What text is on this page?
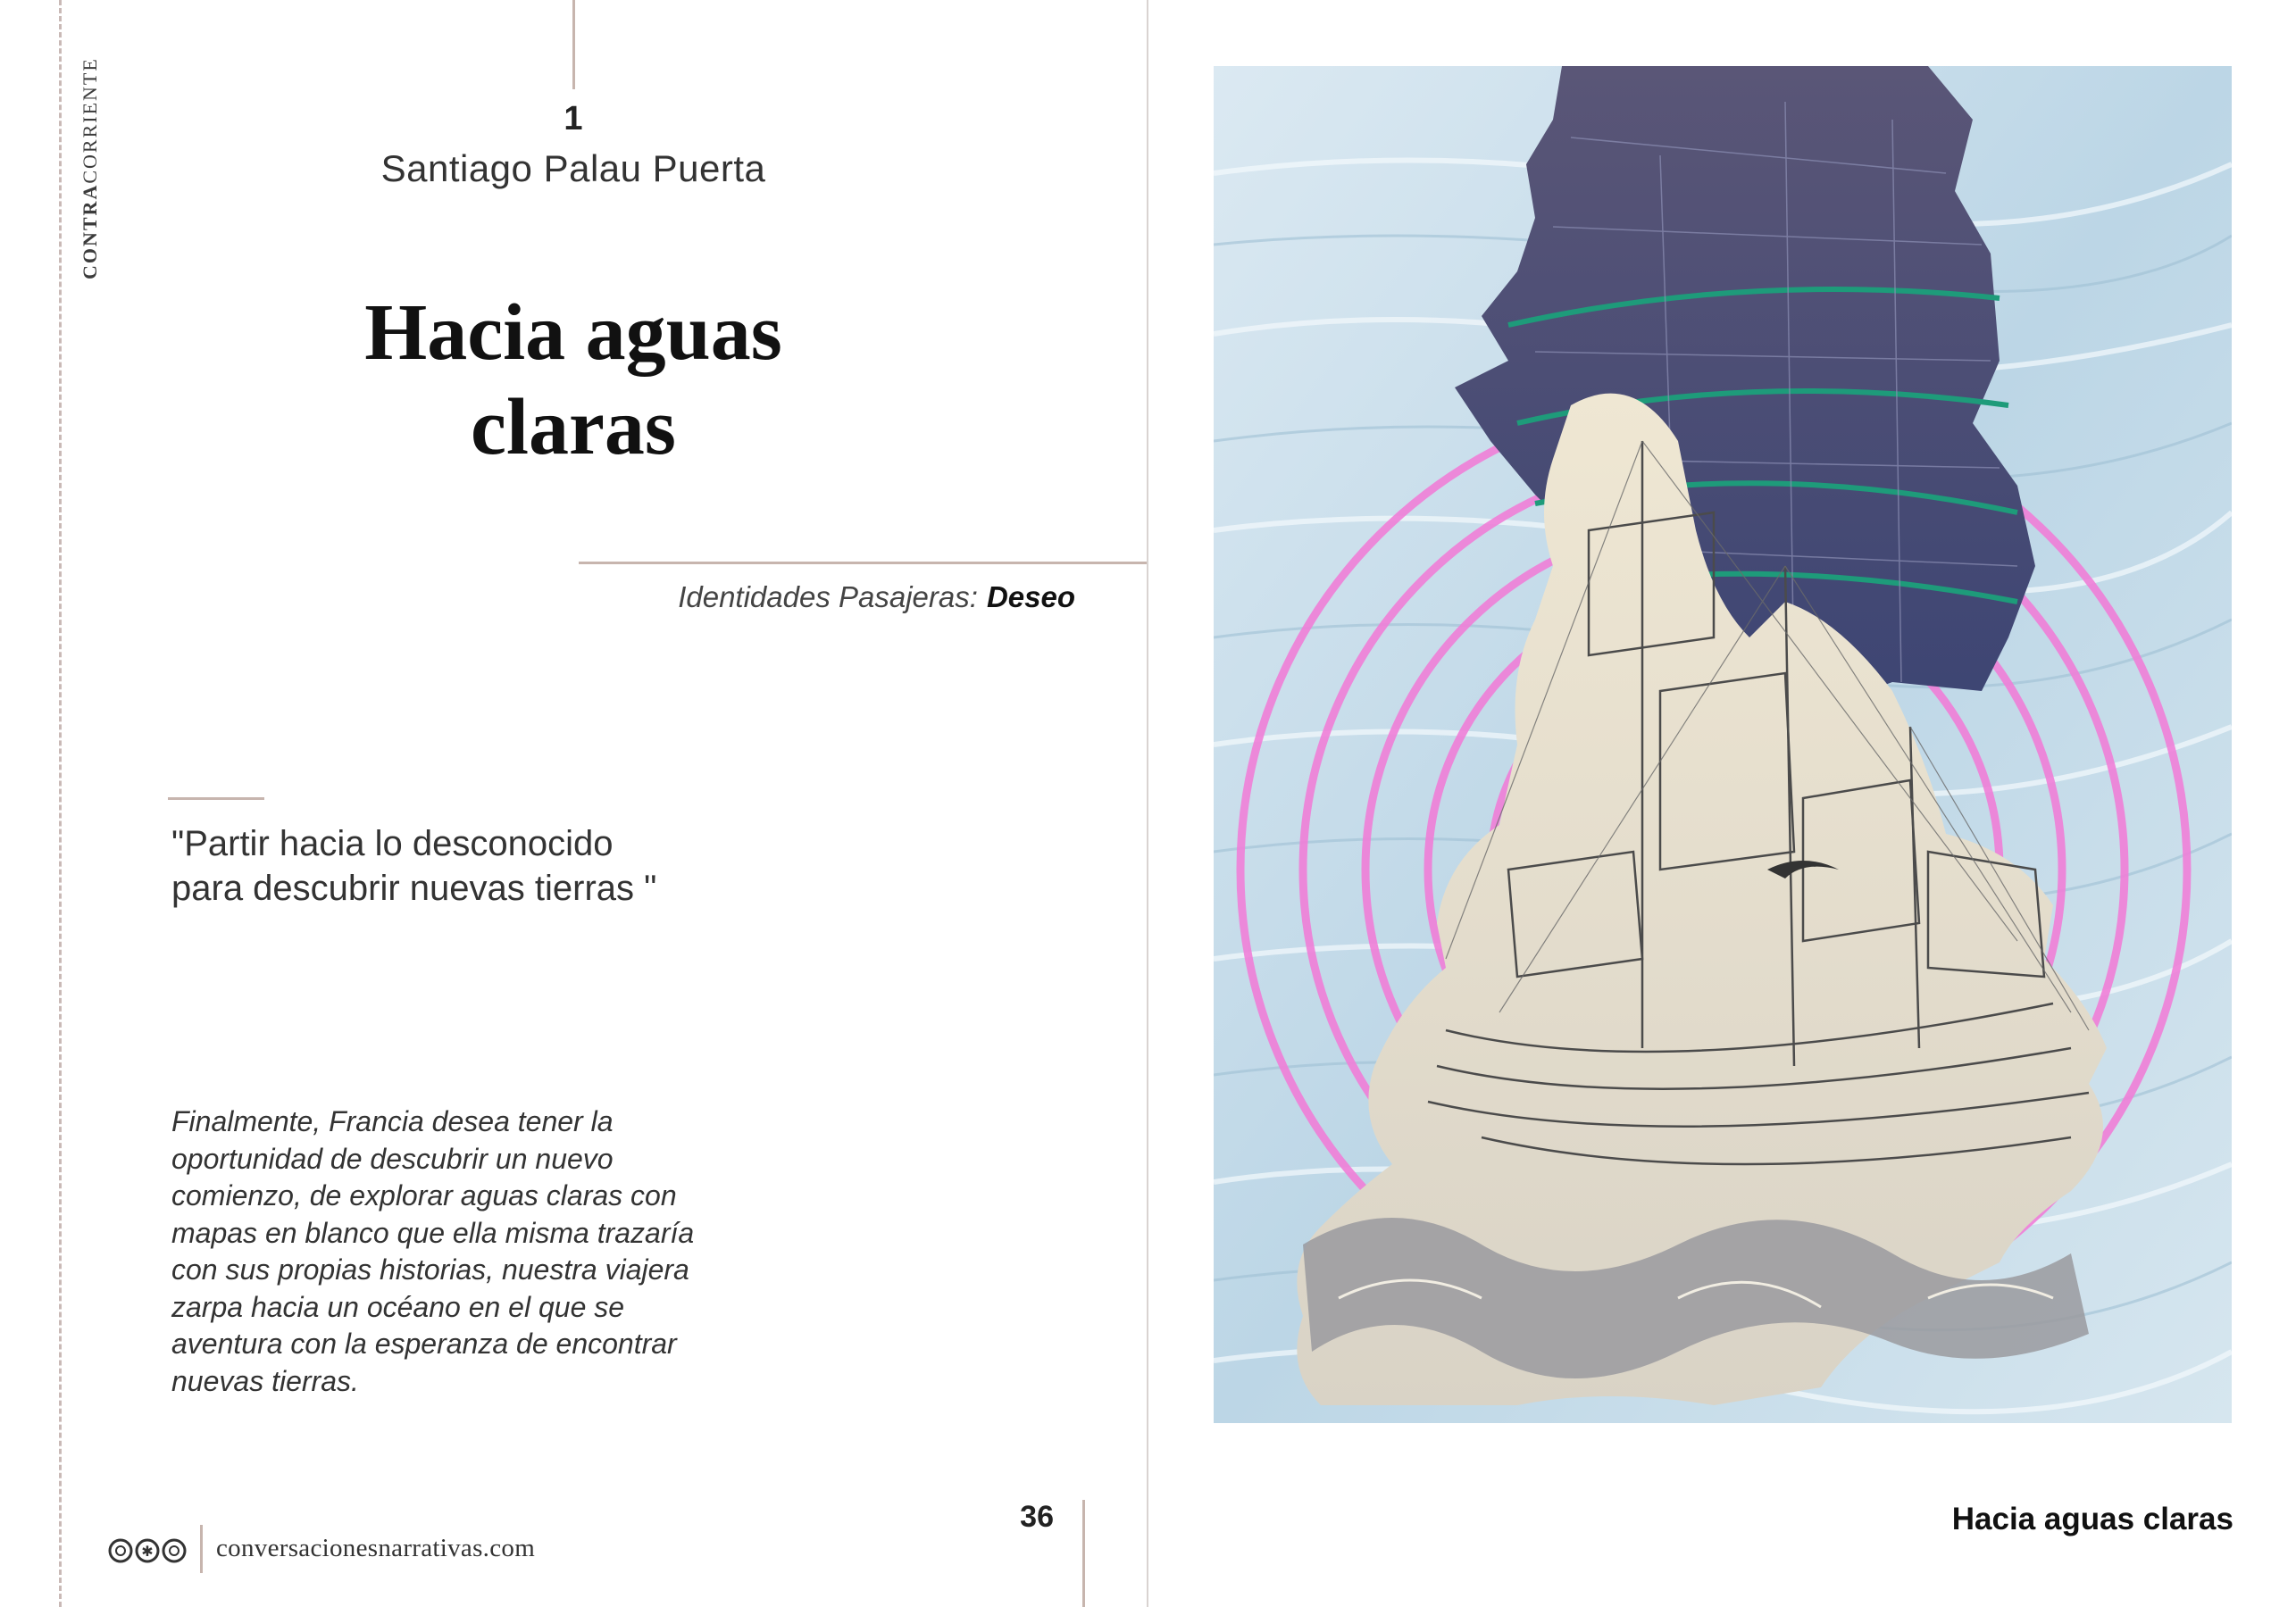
CONTRACORRIENTE	1
Santiago Palau Puerta
Hacia aguas
claras
Identidades Pasajeras: Deseo
"Partir hacia lo desconocido
para descubrir nuevas tierras "
Finalmente, Francia desea tener la oportunidad de descubrir un nuevo comienzo, de explorar aguas claras con mapas en blanco que ella misma trazaría con sus propias historias, nuestra viajera zarpa hacia un océano en el que se aventura con la esperanza de encontrar nuevas tierras.
36
✱ conversacionesnarrativas.com
Hacia aguas claras
